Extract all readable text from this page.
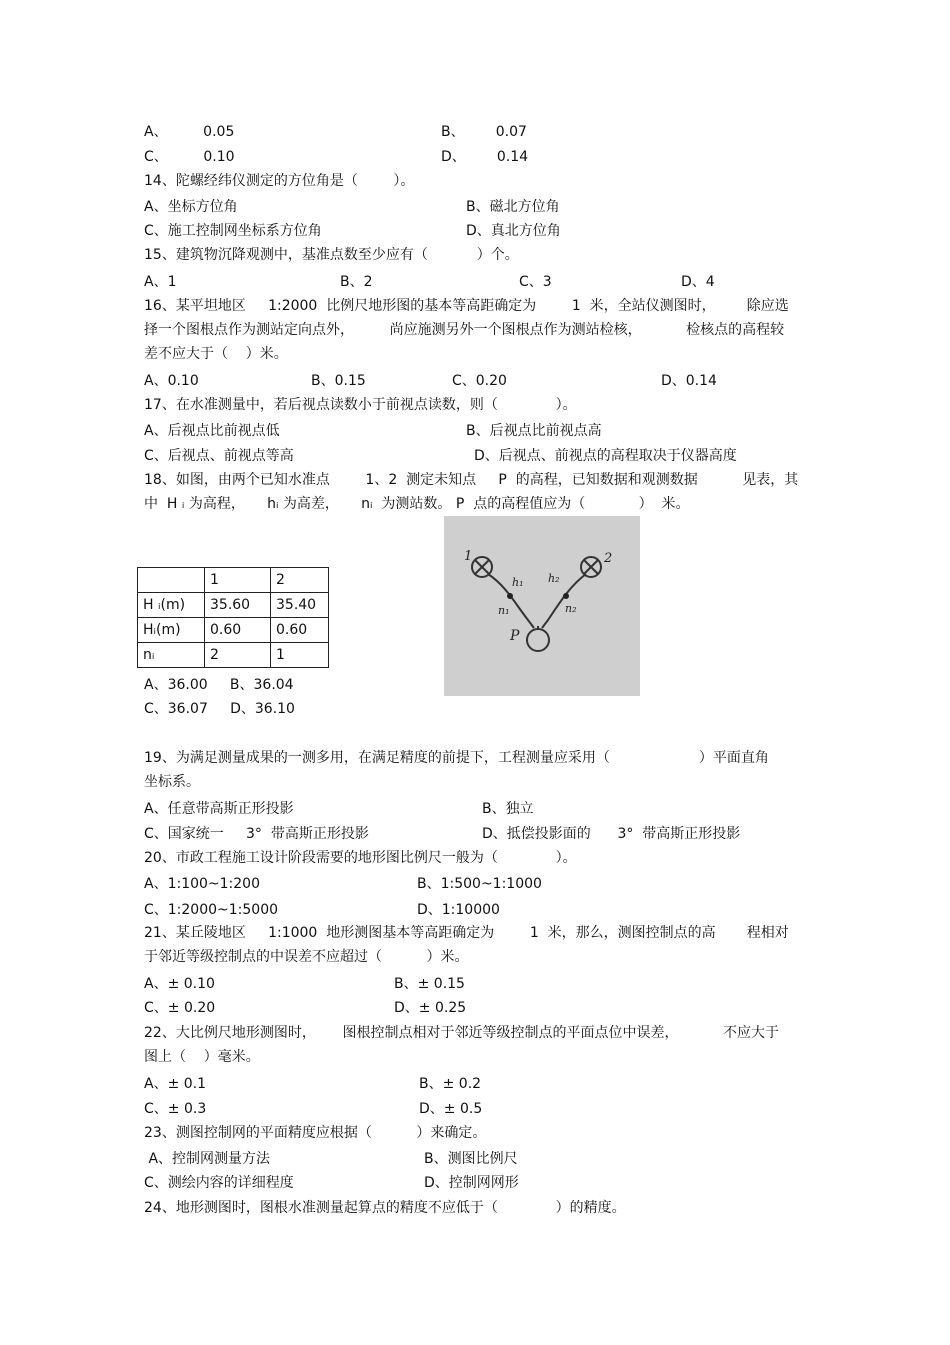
	1	2
H ᵢ(m)	35.60	35.40
Hᵢ(m)	0.60	0.60
nᵢ	2	1
1	2
h₁ h₂
n₁	n₂
P
A、        0.05	B、       0.07
C、        0.10	D、       0.14
14、陀螺经纬仪测定的方位角是（        ）。
A、坐标方位角	B、磁北方位角
C、施工控制网坐标系方位角	D、真北方位角
15、建筑物沉降观测中，基准点数至少应有（           ）个。
A、1	B、2	C、3	D、4
16、某平坦地区     1:2000  比例尺地形图的基本等高距确定为        1  米，全站仪测图时，       除应选
择一个图根点作为测站定向点外，        尚应施测另外一个图根点作为测站检核，          检核点的高程较
差不应大于（    ）米。
A、0.10	B、0.15	C、0.20	D、0.14
17、在水准测量中，若后视点读数小于前视点读数，则（             ）。
A、后视点比前视点低	B、后视点比前视点高
C、后视点、前视点等高	D、后视点、前视点的高程取决于仪器高度
18、如图，由两个已知水准点        1、2  测定未知点     P  的高程，已知数据和观测数据          见表，其
中  H ᵢ 为高程，     hᵢ 为高差，     nᵢ  为测站数。 P  点的高程值应为（            ）  米。
A、36.00     B、36.04
C、36.07     D、36.10
19、为满足测量成果的一测多用，在满足精度的前提下，工程测量应采用（                    ）平面直角
坐标系。
A、任意带高斯正形投影	B、独立
C、国家统一     3°  带高斯正形投影	D、抵偿投影面的      3°  带高斯正形投影
20、市政工程施工设计阶段需要的地形图比例尺一般为（             ）。
A、1:100~1:200	B、1:500~1:1000
C、1:2000~1:5000	D、1:10000
21、某丘陵地区     1:1000  地形测图基本等高距确定为        1  米，那么，测图控制点的高       程相对
于邻近等级控制点的中误差不应超过（          ）米。
A、± 0.10	B、± 0.15
C、± 0.20	D、± 0.25
22、大比例尺地形测图时，      图根控制点相对于邻近等级控制点的平面点位中误差，          不应大于
图上（    ）毫米。
A、± 0.1	B、± 0.2
C、± 0.3	D、± 0.5
23、测图控制网的平面精度应根据（          ）来确定。
A、控制网测量方法	B、测图比例尺
C、测绘内容的详细程度	D、控制网网形
24、地形测图时，图根水准测量起算点的精度不应低于（             ）的精度。
